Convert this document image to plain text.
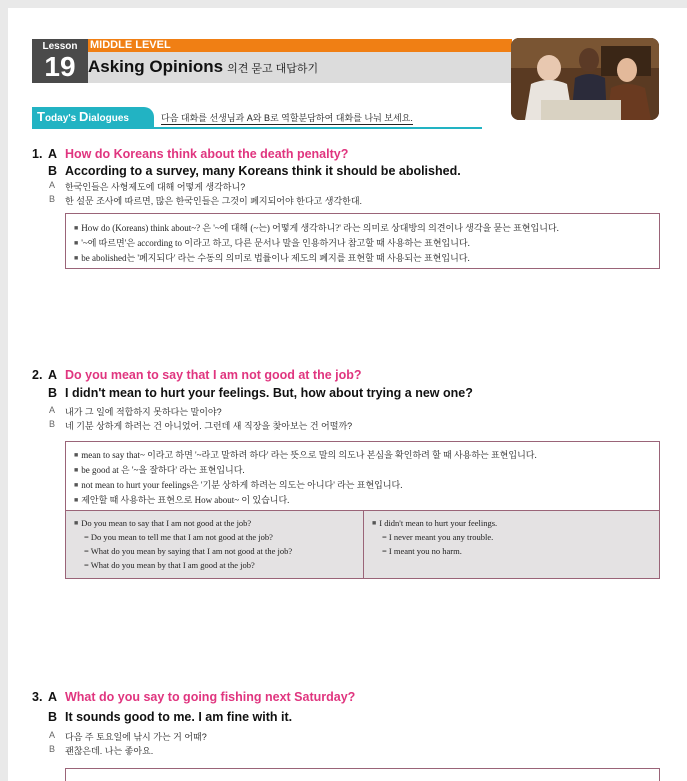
Lesson
19
MIDDLE LEVEL
Asking Opinions 의견 묻고 대답하기
Today's Dialogues	다음 대화를 선생님과 A와 B로 역할분담하여 대화를 나눠 보세요.
1. A How do Koreans think about the death penalty?
B According to a survey, many Koreans think it should be abolished.
A 한국인들은 사형제도에 대해 어떻게 생각하니?
B 한 설문 조사에 따르면, 많은 한국인들은 그것이 폐지되어야 한다고 생각한대.
■ How do (Koreans) think about~? 은 '~에 대해 (~는) 어떻게 생각하니?' 라는 의미로 상대방의 의견이나 생각을 묻는 표현입니다.
■ '~에 따르면'은 according to 이라고 하고, 다른 문서나 말을 인용하거나 참고할 때 사용하는 표현입니다.
■ be abolished는 '폐지되다' 라는 수동의 의미로 법률이나 제도의 폐지를 표현할 때 사용되는 표현입니다.
2. A Do you mean to say that I am not good at the job?
B I didn't mean to hurt your feelings. But, how about trying a new one?
A 내가 그 일에 적합하지 못하다는 말이야?
B 네 기분 상하게 하려는 건 아니었어. 그런데 새 직장을 찾아보는 건 어떨까?
■ mean to say that~ 이라고 하면 '~라고 말하려 하다' 라는 뜻으로 말의 의도나 본심을 확인하려 할 때 사용하는 표현입니다.
■ be good at 은 '~을 잘하다' 라는 표현입니다.
■ not mean to hurt your feelings은 '기분 상하게 하려는 의도는 아니다' 라는 표현입니다.
■ 제안할 때 사용하는 표현으로 How about~ 이 있습니다.
■ Do you mean to say that I am not good at the job?
= Do you mean to tell me that I am not good at the job?
= What do you mean by saying that I am not good at the job?
= What do you mean by that I am good at the job?
■ I didn't mean to hurt your feelings.
= I never meant you any trouble.
= I meant you no harm.
3. A What do you say to going fishing next Saturday?
B It sounds good to me. I am fine with it.
A 다음 주 토요일에 낚시 가는 거 어때?
B 괜찮은데. 나는 좋아요.
